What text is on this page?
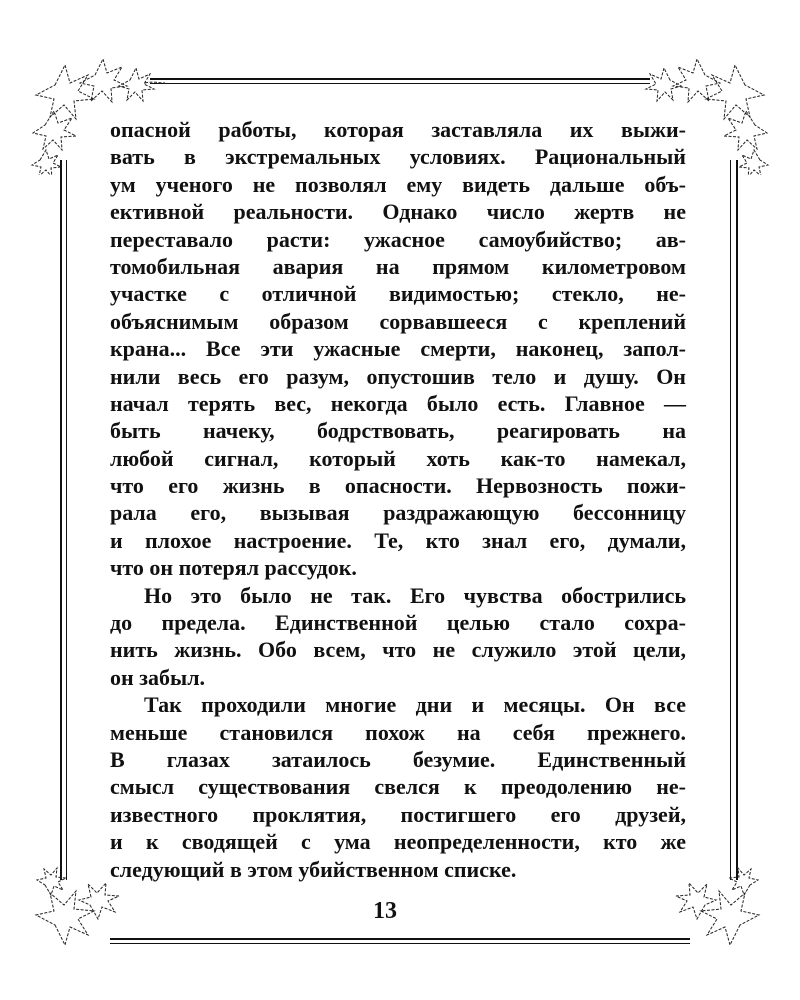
опасной работы, которая заставляла их выжи-
вать в экстремальных условиях. Рациональный
ум ученого не позволял ему видеть дальше объ-
ективной реальности. Однако число жертв не
переставало расти: ужасное самоубийство; ав-
томобильная авария на прямом километровом
участке с отличной видимостью; стекло, не-
объяснимым образом сорвавшееся с креплений
крана... Все эти ужасные смерти, наконец, запол-
нили весь его разум, опустошив тело и душу. Он
начал терять вес, некогда было есть. Главное —
быть начеку, бодрствовать, реагировать на
любой сигнал, который хоть как-то намекал,
что его жизнь в опасности. Нервозность пожи-
рала его, вызывая раздражающую бессонницу
и плохое настроение. Те, кто знал его, думали,
что он потерял рассудок.
Но это было не так. Его чувства обострились
до предела. Единственной целью стало сохра-
нить жизнь. Обо всем, что не служило этой цели,
он забыл.
Так проходили многие дни и месяцы. Он все
меньше становился похож на себя прежнего.
В глазах затаилось безумие. Единственный
смысл существования свелся к преодолению не-
известного проклятия, постигшего его друзей,
и к сводящей с ума неопределенности, кто же
следующий в этом убийственном списке.
13
